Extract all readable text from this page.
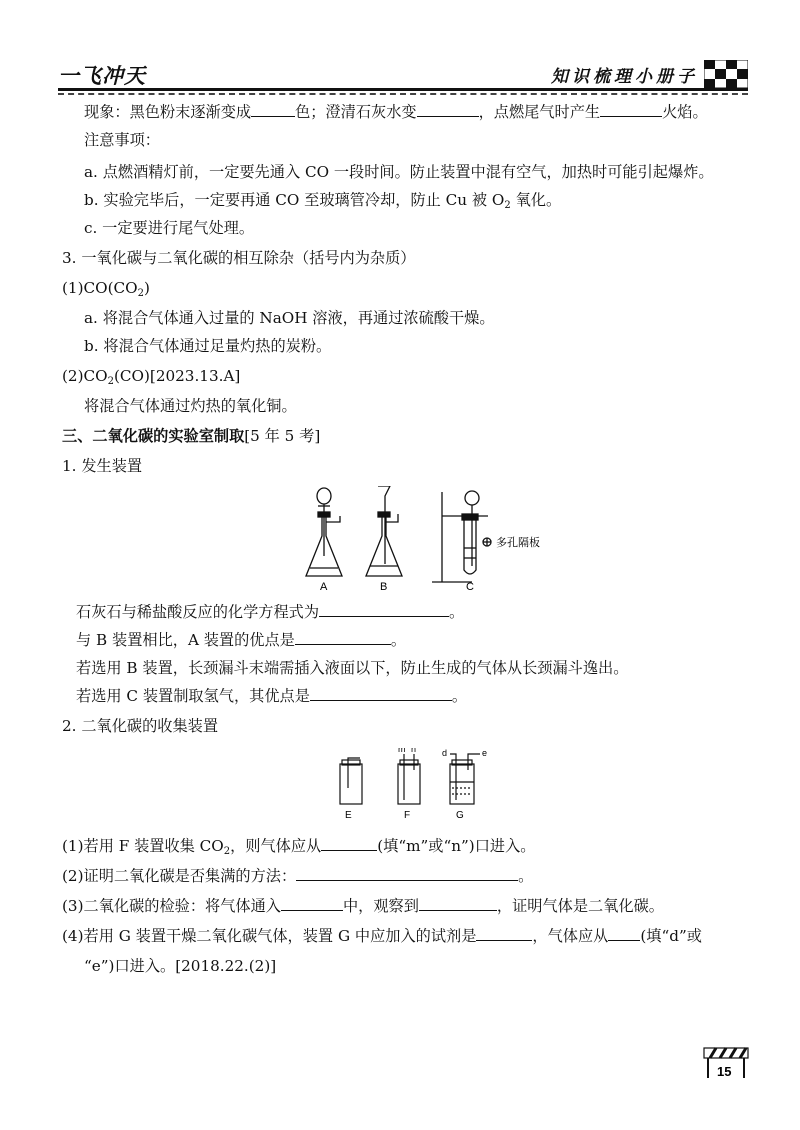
一飞冲天	知识梳理小册子
现象：黑色粉末逐渐变成	色；澄清石灰水变	，点燃尾气时产生	火焰。
注意事项：
a. 点燃酒精灯前，一定要先通入 CO 一段时间。防止装置中混有空气，加热时可能引起爆炸。
b. 实验完毕后，一定要再通 CO 至玻璃管冷却，防止 Cu 被 $O_2$ 氧化。
c. 一定要进行尾气处理。
3. 一氧化碳与二氧化碳的相互除杂（括号内为杂质）
$(1)CO(CO_2)$
a. 将混合气体通入过量的 NaOH 溶液，再通过浓硫酸干燥。
b. 将混合气体通过足量灼热的炭粉。
$(2)CO_2(CO)[2023.13.A]$
将混合气体通过灼热的氧化铜。
三、二氧化碳的实验室制取[5 年 5 考]
1. 发生装置
A	B	C
多孔隔板
石灰石与稀盐酸反应的化学方程式为	。
与 B 装置相比，A 装置的优点是	。
若选用 B 装置，长颈漏斗末端需插入液面以下，防止生成的气体从长颈漏斗逸出。
若选用 C 装置制取氢气，其优点是	。
2. 二氧化碳的收集装置
E	F	G
m n	d	e
(1)若用 F 装置收集 $CO_2$，则气体应从	(填“m”或“n”)口进入。
(2)证明二氧化碳是否集满的方法：	。
(3)二氧化碳的检验：将气体通入	中，观察到	，证明气体是二氧化碳。
(4)若用 G 装置干燥二氧化碳气体，装置 G 中应加入的试剂是	，气体应从 (填“d”或
“e”)口进入。[2018.22.(2)]
15
